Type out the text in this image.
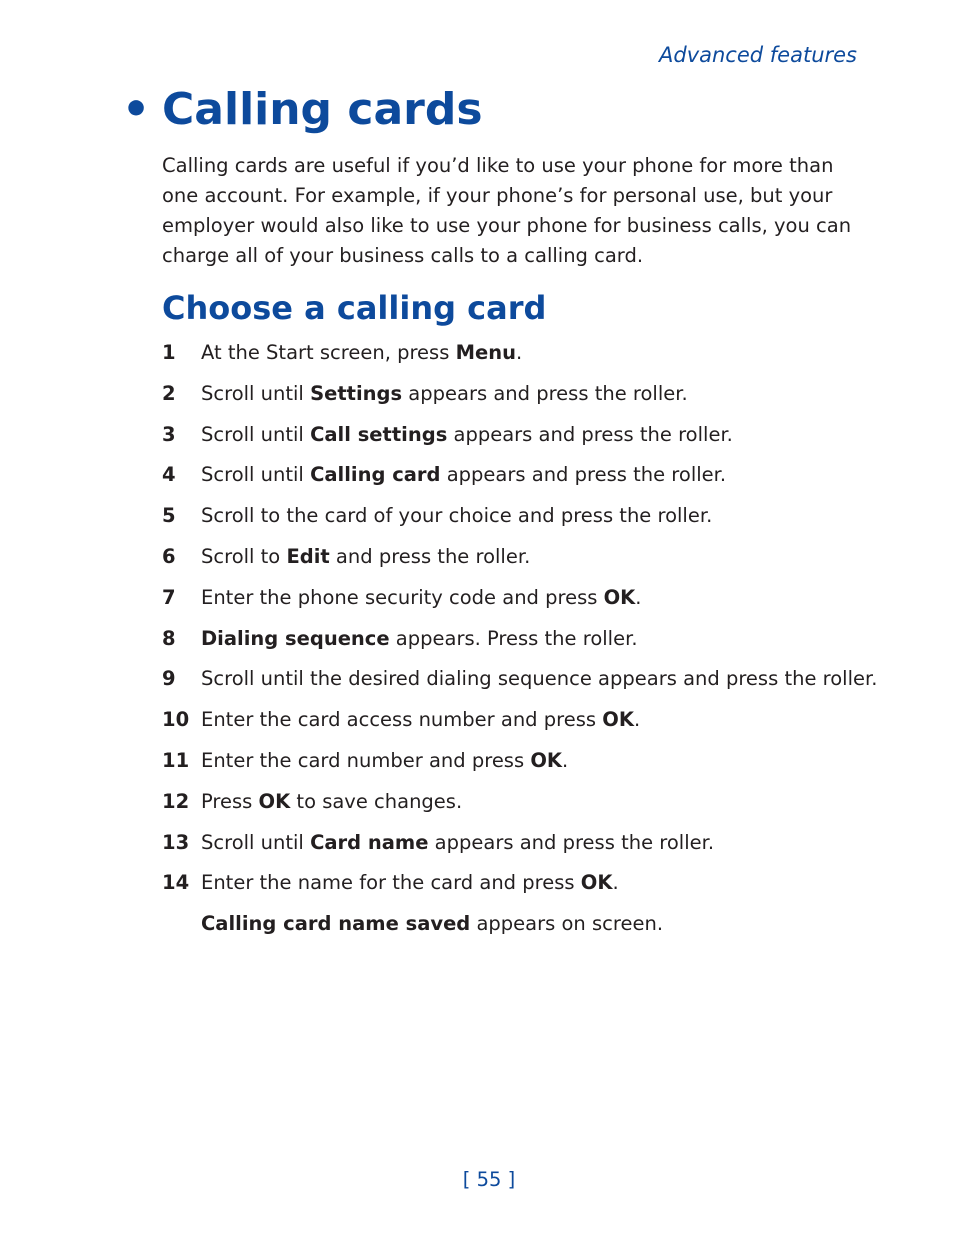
Advanced features
• Calling cards

Calling cards are useful if you’d like to use your phone for more than one account. For example, if your phone’s for personal use, but your employer would also like to use your phone for business calls, you can charge all of your business calls to a calling card.

Choose a calling card
1 At the Start screen, press Menu.
2 Scroll until Settings appears and press the roller.
3 Scroll until Call settings appears and press the roller.
4 Scroll until Calling card appears and press the roller.
5 Scroll to the card of your choice and press the roller.
6 Scroll to Edit and press the roller.
7 Enter the phone security code and press OK.
8 Dialing sequence appears. Press the roller.
9 Scroll until the desired dialing sequence appears and press the roller.
10 Enter the card access number and press OK.
11 Enter the card number and press OK.
12 Press OK to save changes.
13 Scroll until Card name appears and press the roller.
14 Enter the name for the card and press OK.
Calling card name saved appears on screen.
[ 55 ]
